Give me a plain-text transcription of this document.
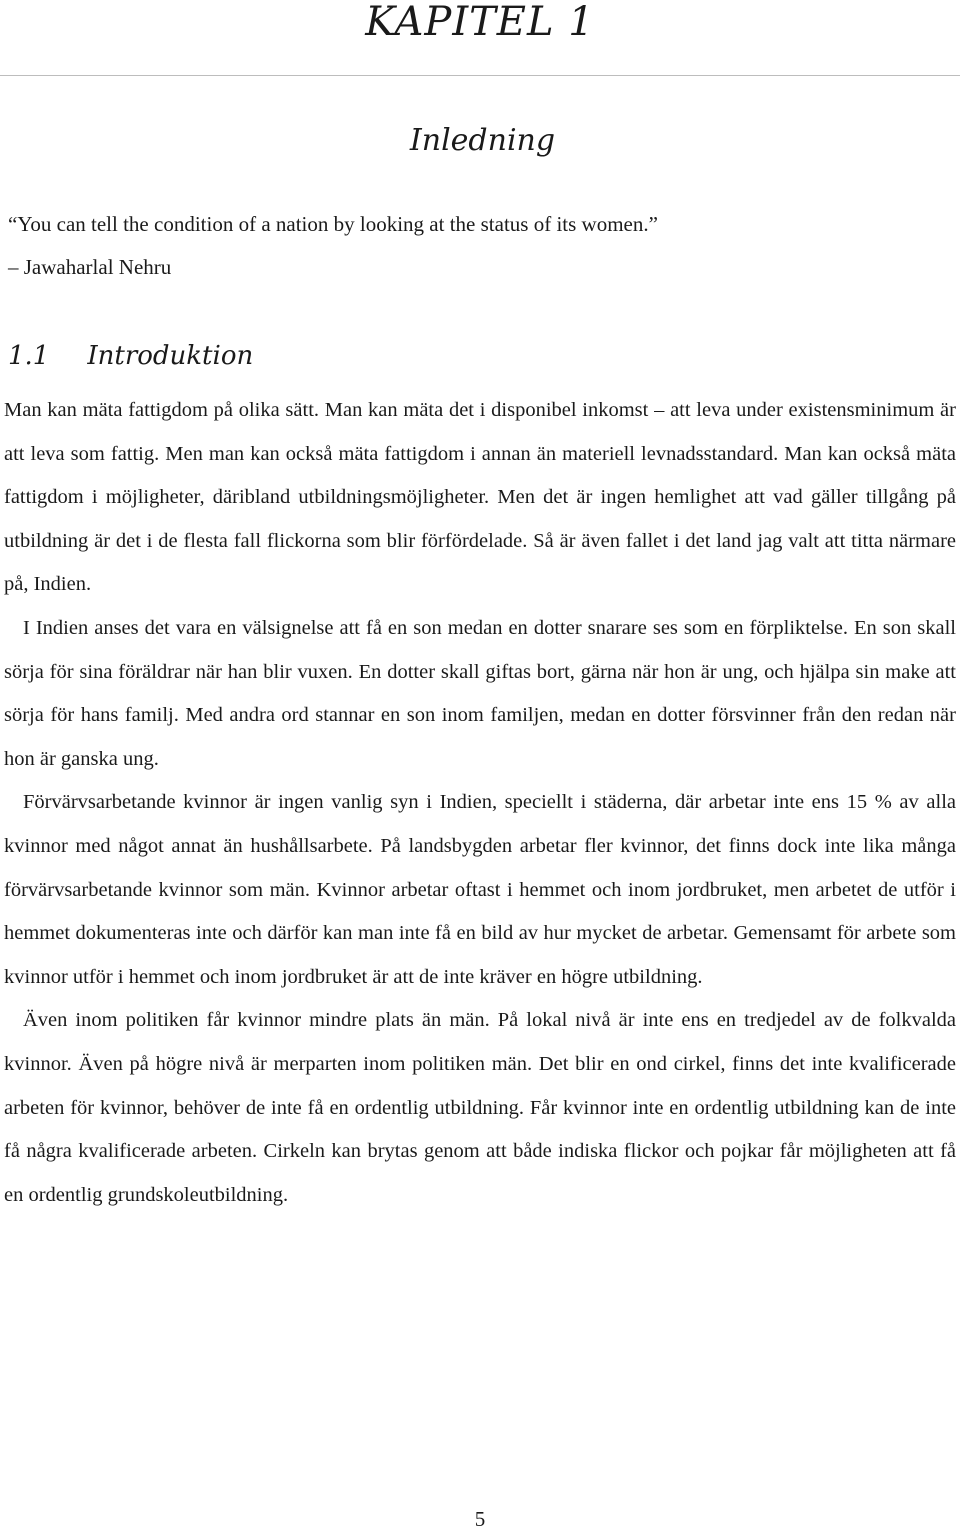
KAPITEL 1
Inledning
“You can tell the condition of a nation by looking at the status of its women.”
– Jawaharlal Nehru
1.1 Introduktion

Man kan mäta fattigdom på olika sätt. Man kan mäta det i disponibel inkomst – att leva under existensminimum är att leva som fattig. Men man kan också mäta fattigdom i annan än materiell levnadsstandard. Man kan också mäta fattigdom i möjligheter, däribland utbildningsmöjligheter. Men det är ingen hemlighet att vad gäller tillgång på utbildning är det i de flesta fall flickorna som blir förfördelade. Så är även fallet i det land jag valt att titta närmare på, Indien.

I Indien anses det vara en välsignelse att få en son medan en dotter snarare ses som en förpliktelse. En son skall sörja för sina föräldrar när han blir vuxen. En dotter skall giftas bort, gärna när hon är ung, och hjälpa sin make att sörja för hans familj. Med andra ord stannar en son inom familjen, medan en dotter försvinner från den redan när hon är ganska ung.

Förvärvsarbetande kvinnor är ingen vanlig syn i Indien, speciellt i städerna, där arbetar inte ens 15 % av alla kvinnor med något annat än hushållsarbete. På landsbygden arbetar fler kvinnor, det finns dock inte lika många förvärvsarbetande kvinnor som män. Kvinnor arbetar oftast i hemmet och inom jordbruket, men arbetet de utför i hemmet dokumenteras inte och därför kan man inte få en bild av hur mycket de arbetar. Gemensamt för arbete som kvinnor utför i hemmet och inom jordbruket är att de inte kräver en högre utbildning.

Även inom politiken får kvinnor mindre plats än män. På lokal nivå är inte ens en tredjedel av de folkvalda kvinnor. Även på högre nivå är merparten inom politiken män. Det blir en ond cirkel, finns det inte kvalificerade arbeten för kvinnor, behöver de inte få en ordentlig utbildning. Får kvinnor inte en ordentlig utbildning kan de inte få några kvalificerade arbeten. Cirkeln kan brytas genom att både indiska flickor och pojkar får möjligheten att få en ordentlig grundskoleutbildning.

5
